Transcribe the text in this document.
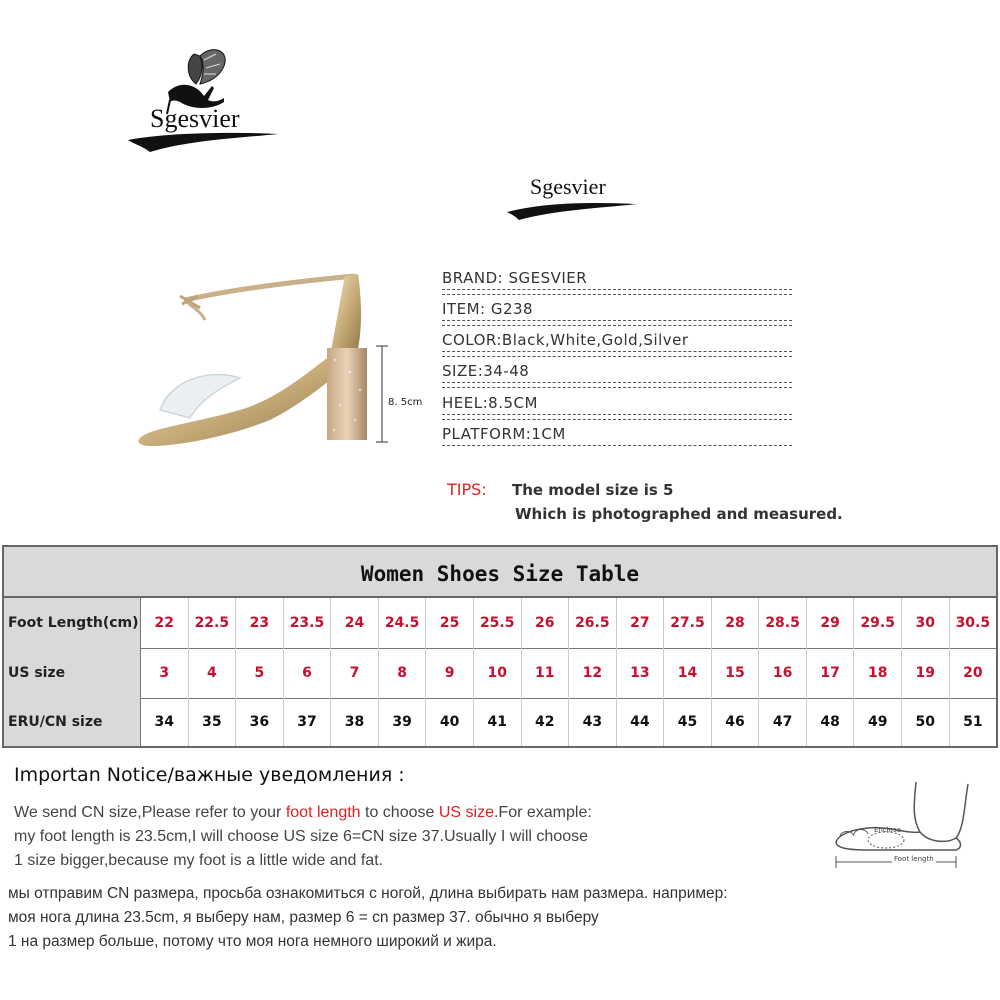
Sgesvier
Sgesvier
8. 5cm
BRAND: SGESVIER
ITEM: G238
COLOR:Black,White,Gold,Silver
SIZE:34-48
HEEL:8.5CM
PLATFORM:1CM
TIPS: The model size is 5
Which is photographed and measured.
Women Shoes Size Table
Foot Length(cm)	22	22.5	23	23.5	24	24.5	25	25.5	26	26.5	27	27.5	28	28.5	29	29.5	30	30.5
US size	3	4	5	6	7	8	9	10	11	12	13	14	15	16	17	18	19	20
ERU/CN size	34	35	36	37	38	39	40	41	42	43	44	45	46	47	48	49	50	51
Importan Notice/важные уведомления :
We send CN size,Please refer to your foot length to choose US size.For example:
my foot length is 23.5cm,I will choose US size 6=CN size 37.Usually I will choose
1 size bigger,because my foot is a little wide and fat.
мы отправим CN размера, просьба ознакомиться с ногой, длина выбирать нам размера. например:
моя нога длина 23.5cm, я выберу нам, размер 6 = cn размер 37. обычно я выберу
1 на размер больше, потому что моя нога немного широкий и жира.
Enclose
Foot length
